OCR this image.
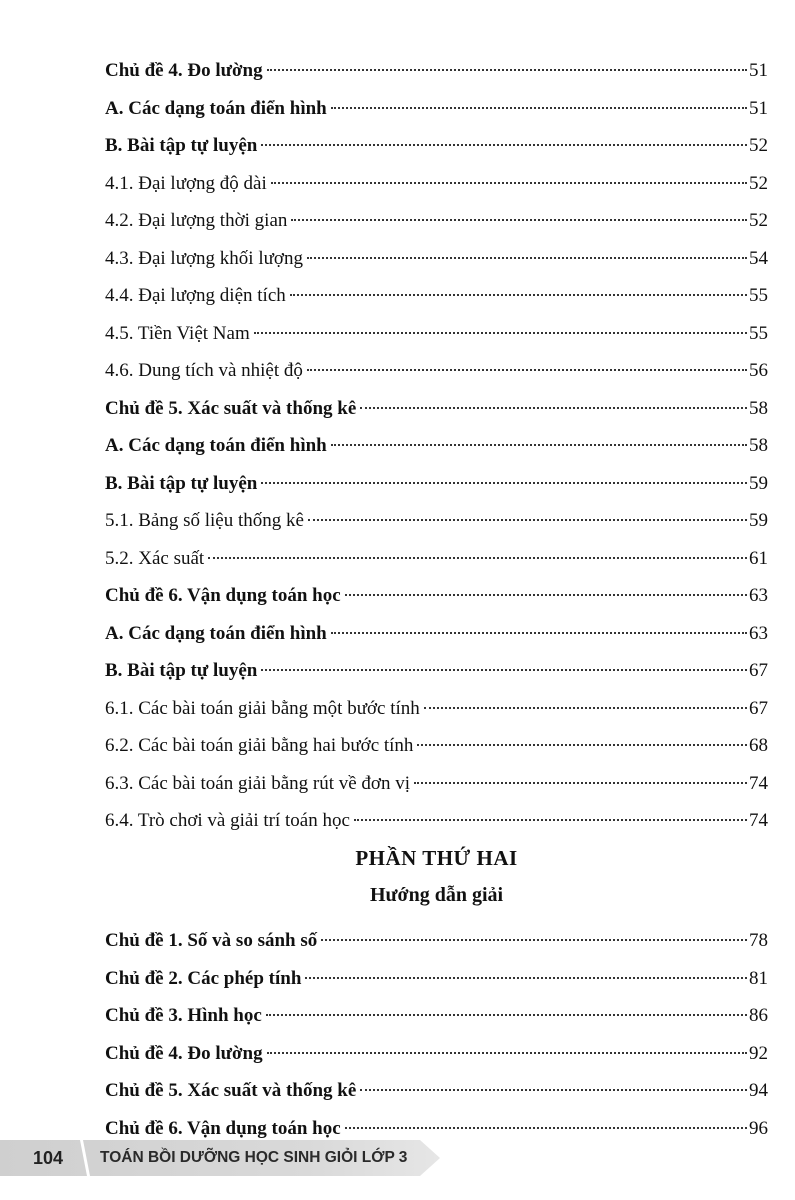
Chủ đề 4. Đo lường	51
A. Các dạng toán điển hình	51
B. Bài tập tự luyện	52
4.1. Đại lượng độ dài	52
4.2. Đại lượng thời gian	52
4.3. Đại lượng khối lượng	54
4.4. Đại lượng diện tích	55
4.5. Tiền Việt Nam	55
4.6. Dung tích và nhiệt độ	56
Chủ đề 5. Xác suất và thống kê	58
A. Các dạng toán điển hình	58
B. Bài tập tự luyện	59
5.1. Bảng số liệu thống kê	59
5.2. Xác suất	61
Chủ đề 6. Vận dụng toán học	63
A. Các dạng toán điển hình	63
B. Bài tập tự luyện	67
6.1. Các bài toán giải bằng một bước tính	67
6.2. Các bài toán giải bằng hai bước tính	68
6.3. Các bài toán giải bằng rút về đơn vị	74
6.4. Trò chơi và giải trí toán học	74
PHẦN THỨ HAI
Hướng dẫn giải
Chủ đề 1. Số và so sánh số	78
Chủ đề 2. Các phép tính	81
Chủ đề 3. Hình học	86
Chủ đề 4. Đo lường	92
Chủ đề 5. Xác suất và thống kê	94
Chủ đề 6. Vận dụng toán học	96
104	TOÁN BỒI DƯỠNG HỌC SINH GIỎI LỚP 3
